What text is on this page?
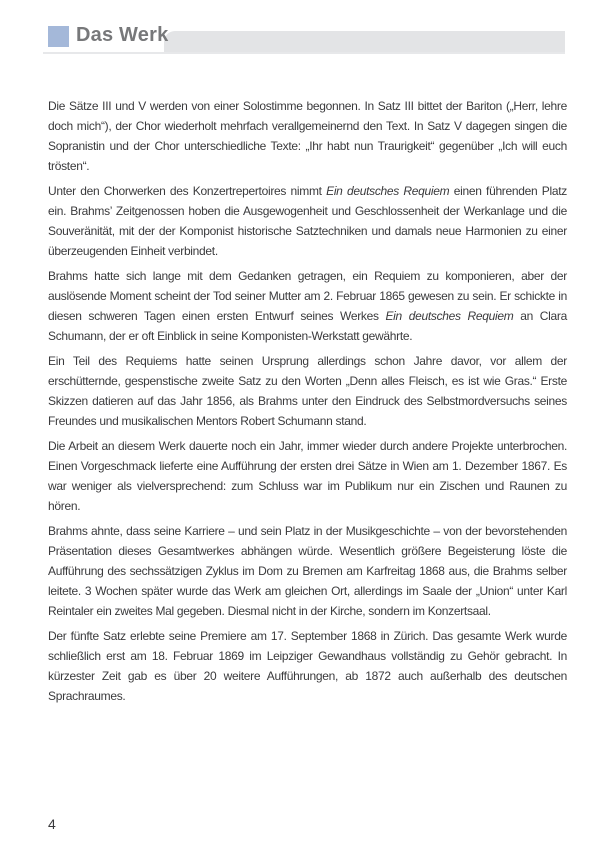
Das Werk

Die Sätze III und V werden von einer Solostimme begonnen. In Satz III bittet der Bariton („Herr, lehre doch mich“), der Chor wiederholt mehrfach verallgemeinernd den Text. In Satz V dagegen singen die Sopranistin und der Chor unterschiedliche Texte: „Ihr habt nun Traurigkeit“ gegenüber „Ich will euch trösten“.

Unter den Chorwerken des Konzertrepertoires nimmt Ein deutsches Requiem einen führenden Platz ein. Brahms’ Zeitgenossen hoben die Ausgewogenheit und Geschlossenheit der Werkanlage und die Souveränität, mit der der Komponist historische Satztechniken und damals neue Harmonien zu einer überzeugenden Einheit verbindet.

Brahms hatte sich lange mit dem Gedanken getragen, ein Requiem zu komponieren, aber der auslösende Moment scheint der Tod seiner Mutter am 2. Februar 1865 gewesen zu sein. Er schickte in diesen schweren Tagen einen ersten Entwurf seines Werkes Ein deutsches Requiem an Clara Schumann, der er oft Einblick in seine Komponisten-Werkstatt gewährte.

Ein Teil des Requiems hatte seinen Ursprung allerdings schon Jahre davor, vor allem der erschütternde, gespenstische zweite Satz zu den Worten „Denn alles Fleisch, es ist wie Gras.“ Erste Skizzen datieren auf das Jahr 1856, als Brahms unter den Eindruck des Selbstmordversuchs seines Freundes und musikalischen Mentors Robert Schumann stand.

Die Arbeit an diesem Werk dauerte noch ein Jahr, immer wieder durch andere Projekte unterbrochen. Einen Vorgeschmack lieferte eine Aufführung der ersten drei Sätze in Wien am 1. Dezember 1867. Es war weniger als vielversprechend: zum Schluss war im Publikum nur ein Zischen und Raunen zu hören.

Brahms ahnte, dass seine Karriere – und sein Platz in der Musikgeschichte – von der bevorstehenden Präsentation dieses Gesamtwerkes abhängen würde. Wesentlich größere Begeisterung löste die Aufführung des sechssätzigen Zyklus im Dom zu Bremen am Karfreitag 1868 aus, die Brahms selber leitete. 3 Wochen später wurde das Werk am gleichen Ort, allerdings im Saale der „Union“ unter Karl Reintaler ein zweites Mal gegeben. Diesmal nicht in der Kirche, sondern im Konzertsaal.

Der fünfte Satz erlebte seine Premiere am 17. September 1868 in Zürich. Das gesamte Werk wurde schließlich erst am 18. Februar 1869 im Leipziger Gewandhaus vollständig zu Gehör gebracht. In kürzester Zeit gab es über 20 weitere Aufführungen, ab 1872 auch außerhalb des deutschen Sprachraumes.

4
